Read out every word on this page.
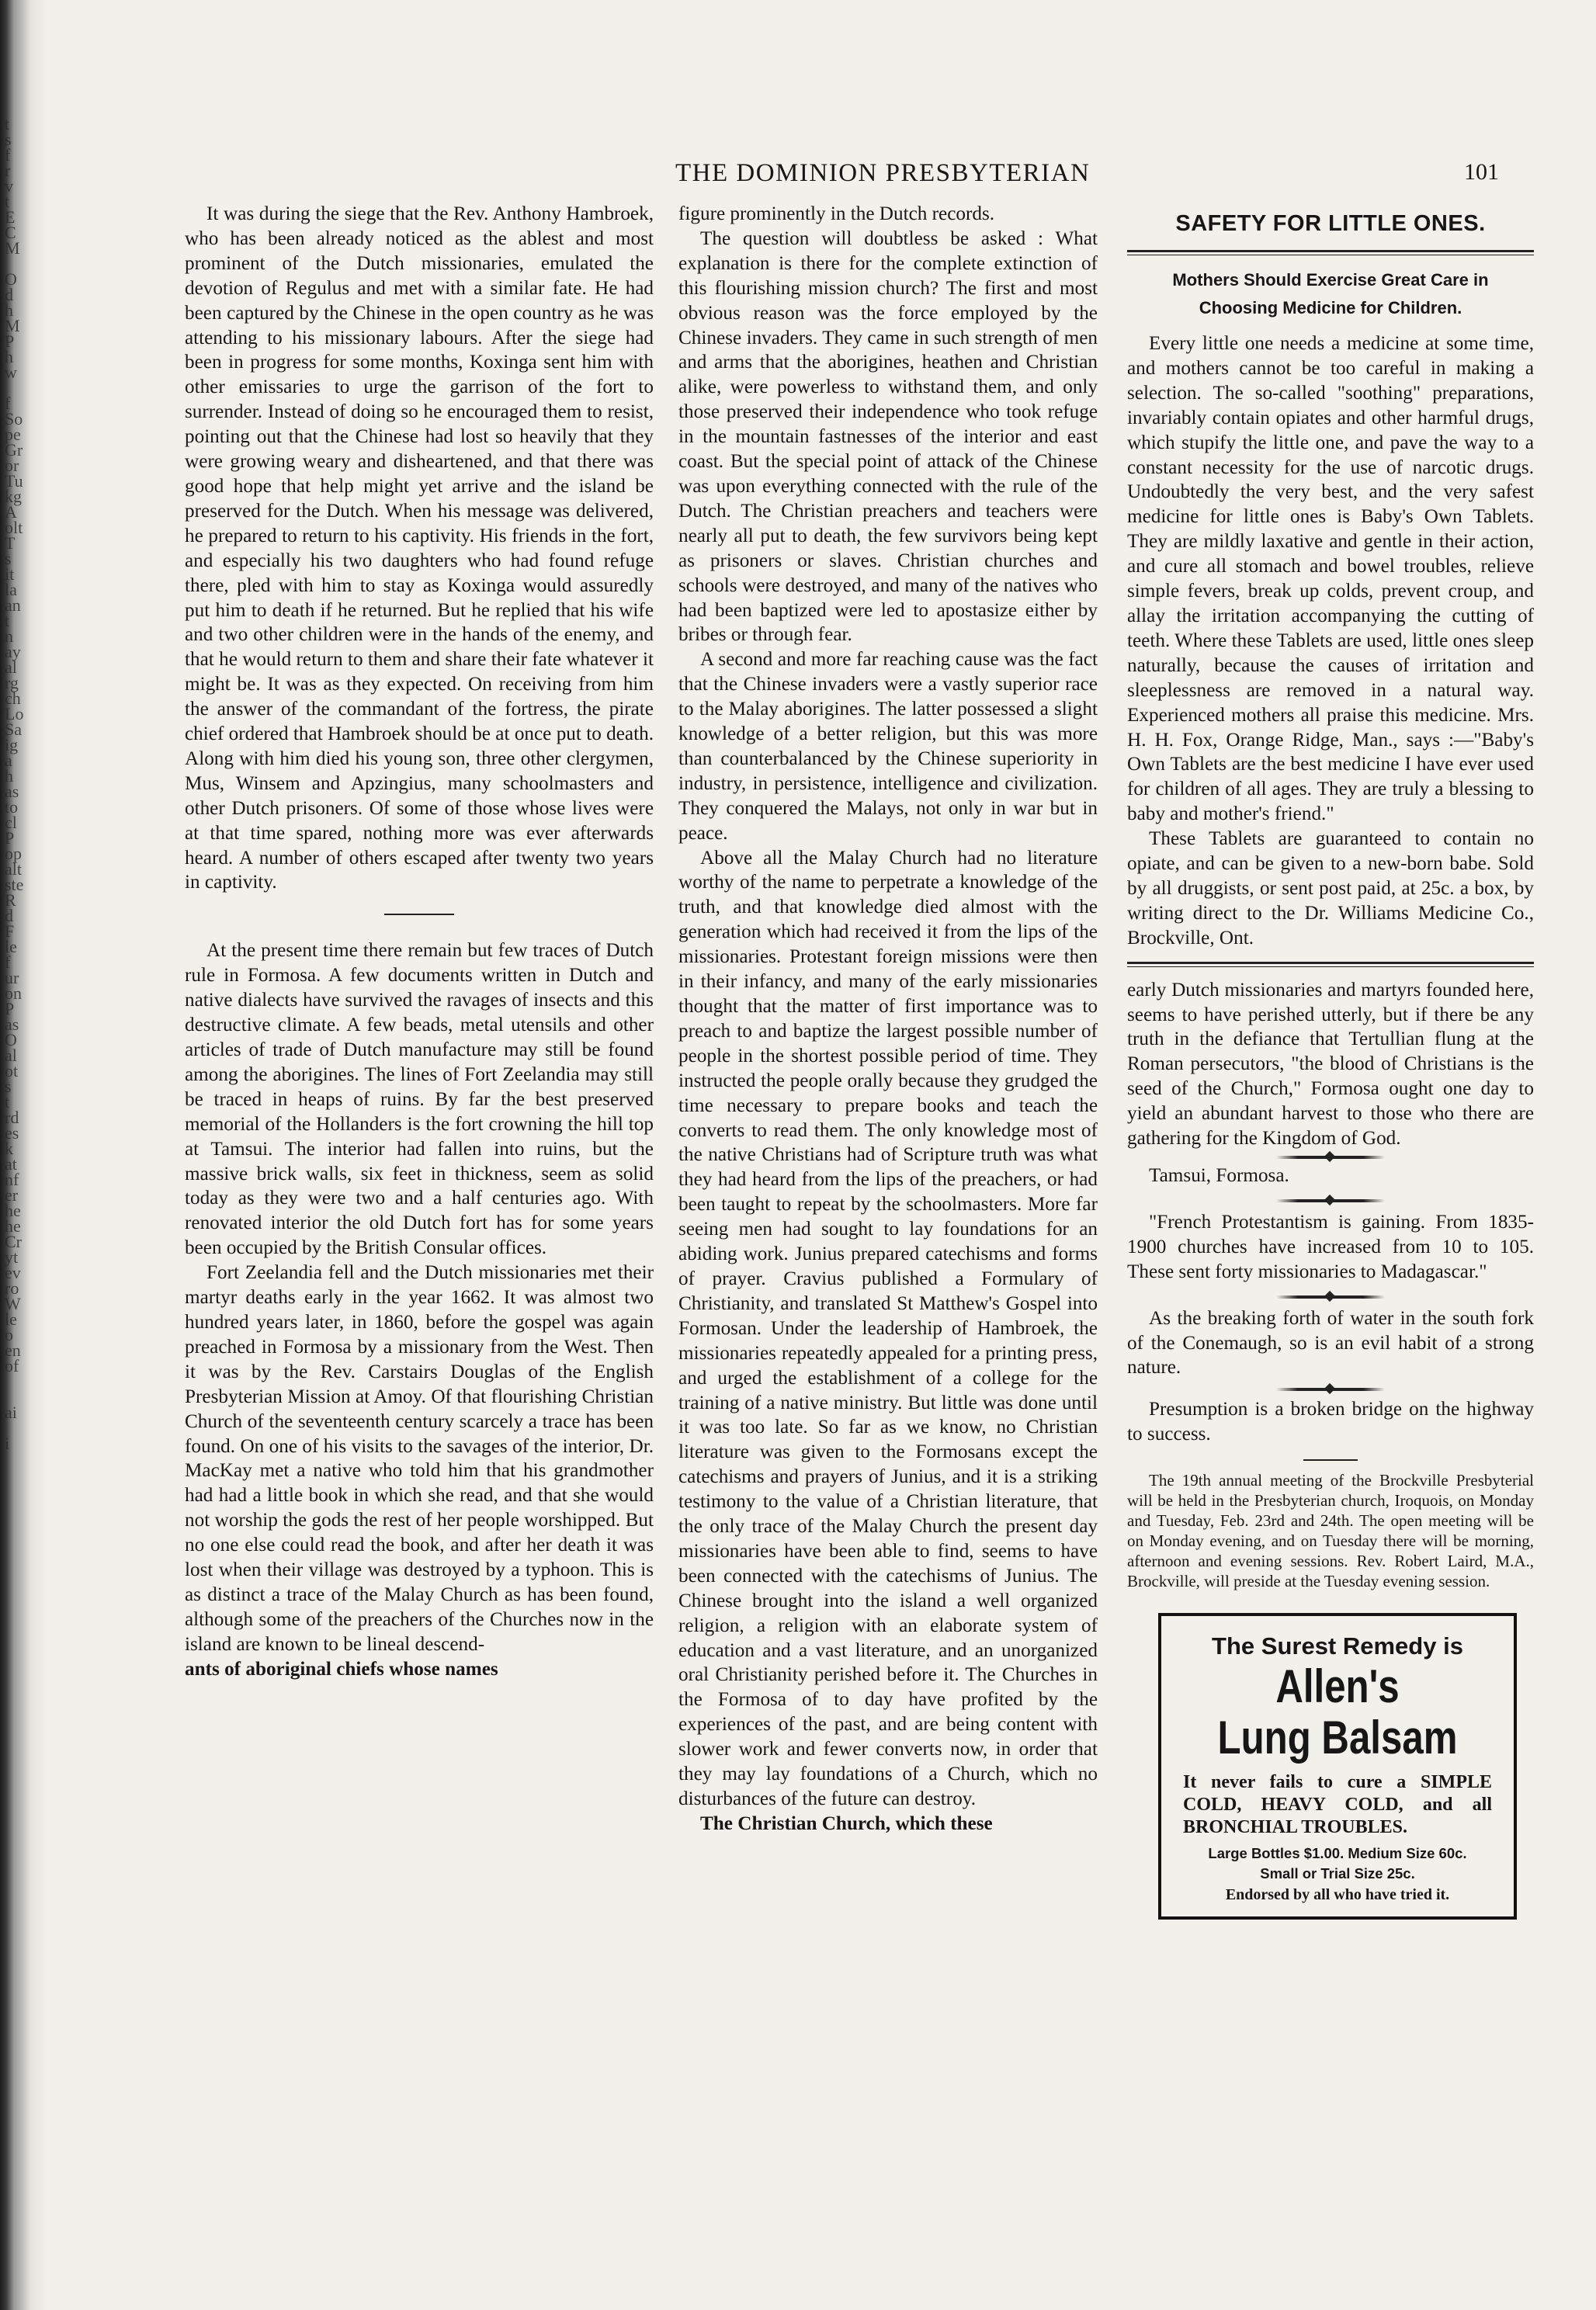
t
s
f
r
v
t
E
C
M

O
d
h
M
P
h
w

f
So
pe
Gr
or
Tu
kg
A
olt
T
s
it
la
an
t
n
ay
al
rg
ch
Lo
Sa
ig
a
h
as
to
cl
P
op
alt
ste
R
d
F
le
f
ur
on
P
as
O
al
ot
s
t
rd
es
k
at
nf
er
he
he
Cr
yt
ev
ro
W
le
o
en
of

ai

i

THE DOMINION PRESBYTERIAN	101

It was during the siege that the Rev. Anthony Hambroek, who has been already noticed as the ablest and most prominent of the Dutch missionaries, emulated the devotion of Regulus and met with a similar fate. He had been captured by the Chinese in the open country as he was attending to his missionary labours. After the siege had been in progress for some months, Koxinga sent him with other emissaries to urge the garrison of the fort to surrender. Instead of doing so he encouraged them to resist, pointing out that the Chinese had lost so heavily that they were growing weary and disheartened, and that there was good hope that help might yet arrive and the island be preserved for the Dutch. When his message was delivered, he prepared to return to his captivity. His friends in the fort, and especially his two daughters who had found refuge there, pled with him to stay as Koxinga would assuredly put him to death if he returned. But he replied that his wife and two other children were in the hands of the enemy, and that he would return to them and share their fate whatever it might be. It was as they expected. On receiving from him the answer of the commandant of the fortress, the pirate chief ordered that Hambroek should be at once put to death. Along with him died his young son, three other clergymen, Mus, Winsem and Apzingius, many schoolmasters and other Dutch prisoners. Of some of those whose lives were at that time spared, nothing more was ever afterwards heard. A number of others escaped after twenty two years in captivity.

At the present time there remain but few traces of Dutch rule in Formosa. A few documents written in Dutch and native dialects have survived the ravages of insects and this destructive climate. A few beads, metal utensils and other articles of trade of Dutch manufacture may still be found among the aborigines. The lines of Fort Zeelandia may still be traced in heaps of ruins. By far the best preserved memorial of the Hollanders is the fort crowning the hill top at Tamsui. The interior had fallen into ruins, but the massive brick walls, six feet in thickness, seem as solid today as they were two and a half centuries ago. With renovated interior the old Dutch fort has for some years been occupied by the British Consular offices.

Fort Zeelandia fell and the Dutch missionaries met their martyr deaths early in the year 1662. It was almost two hundred years later, in 1860, before the gospel was again preached in Formosa by a missionary from the West. Then it was by the Rev. Carstairs Douglas of the English Presbyterian Mission at Amoy. Of that flourishing Christian Church of the seventeenth century scarcely a trace has been found. On one of his visits to the savages of the interior, Dr. MacKay met a native who told him that his grandmother had had a little book in which she read, and that she would not worship the gods the rest of her people worshipped. But no one else could read the book, and after her death it was lost when their village was destroyed by a typhoon. This is as distinct a trace of the Malay Church as has been found, although some of the preachers of the Churches now in the island are known to be lineal descend-

ants of aboriginal chiefs whose names

figure prominently in the Dutch records.

The question will doubtless be asked : What explanation is there for the complete extinction of this flourishing mission church? The first and most obvious reason was the force employed by the Chinese invaders. They came in such strength of men and arms that the aborigines, heathen and Christian alike, were powerless to withstand them, and only those preserved their independence who took refuge in the mountain fastnesses of the interior and east coast. But the special point of attack of the Chinese was upon everything connected with the rule of the Dutch. The Christian preachers and teachers were nearly all put to death, the few survivors being kept as prisoners or slaves. Christian churches and schools were destroyed, and many of the natives who had been baptized were led to apostasize either by bribes or through fear.

A second and more far reaching cause was the fact that the Chinese invaders were a vastly superior race to the Malay aborigines. The latter possessed a slight knowledge of a better religion, but this was more than counterbalanced by the Chinese superiority in industry, in persistence, intelligence and civilization. They conquered the Malays, not only in war but in peace.

Above all the Malay Church had no literature worthy of the name to perpetrate a knowledge of the truth, and that knowledge died almost with the generation which had received it from the lips of the missionaries. Protestant foreign missions were then in their infancy, and many of the early missionaries thought that the matter of first importance was to preach to and baptize the largest possible number of people in the shortest possible period of time. They instructed the people orally because they grudged the time necessary to prepare books and teach the converts to read them. The only knowledge most of the native Christians had of Scripture truth was what they had heard from the lips of the preachers, or had been taught to repeat by the schoolmasters. More far seeing men had sought to lay foundations for an abiding work. Junius prepared catechisms and forms of prayer. Cravius published a Formulary of Christianity, and translated St Matthew's Gospel into Formosan. Under the leadership of Hambroek, the missionaries repeatedly appealed for a printing press, and urged the establishment of a college for the training of a native ministry. But little was done until it was too late. So far as we know, no Christian literature was given to the Formosans except the catechisms and prayers of Junius, and it is a striking testimony to the value of a Christian literature, that the only trace of the Malay Church the present day missionaries have been able to find, seems to have been connected with the catechisms of Junius. The Chinese brought into the island a well organized religion, a religion with an elaborate system of education and a vast literature, and an unorganized oral Christianity perished before it. The Churches in the Formosa of to day have profited by the experiences of the past, and are being content with slower work and fewer converts now, in order that they may lay foundations of a Church, which no disturbances of the future can destroy.

The Christian Church, which these

SAFETY FOR LITTLE ONES.

Mothers Should Exercise Great Care in

Choosing Medicine for Children.

Every little one needs a medicine at some time, and mothers cannot be too careful in making a selection. The so-called "soothing" preparations, invariably contain opiates and other harmful drugs, which stupify the little one, and pave the way to a constant necessity for the use of narcotic drugs. Undoubtedly the very best, and the very safest medicine for little ones is Baby's Own Tablets. They are mildly laxative and gentle in their action, and cure all stomach and bowel troubles, relieve simple fevers, break up colds, prevent croup, and allay the irritation accompanying the cutting of teeth. Where these Tablets are used, little ones sleep naturally, because the causes of irritation and sleeplessness are removed in a natural way. Experienced mothers all praise this medicine. Mrs. H. H. Fox, Orange Ridge, Man., says :—"Baby's Own Tablets are the best medicine I have ever used for children of all ages. They are truly a blessing to baby and mother's friend."

These Tablets are guaranteed to contain no opiate, and can be given to a new-born babe. Sold by all druggists, or sent post paid, at 25c. a box, by writing direct to the Dr. Williams Medicine Co., Brockville, Ont.

early Dutch missionaries and martyrs founded here, seems to have perished utterly, but if there be any truth in the defiance that Tertullian flung at the Roman persecutors, "the blood of Christians is the seed of the Church," Formosa ought one day to yield an abundant harvest to those who there are gathering for the Kingdom of God.

Tamsui, Formosa.

"French Protestantism is gaining. From 1835-1900 churches have increased from 10 to 105. These sent forty missionaries to Madagascar."

As the breaking forth of water in the south fork of the Conemaugh, so is an evil habit of a strong nature.

Presumption is a broken bridge on the highway to success.

The 19th annual meeting of the Brockville Presbyterial will be held in the Presbyterian church, Iroquois, on Monday and Tuesday, Feb. 23rd and 24th. The open meeting will be on Monday evening, and on Tuesday there will be morning, afternoon and evening sessions. Rev. Robert Laird, M.A., Brockville, will preside at the Tuesday evening session.

The Surest Remedy is
Allen's
Lung Balsam
It never fails to cure a SIMPLE COLD, HEAVY COLD, and all BRONCHIAL TROUBLES.
Large Bottles $1.00. Medium Size 60c.
Small or Trial Size 25c.
Endorsed by all who have tried it.
